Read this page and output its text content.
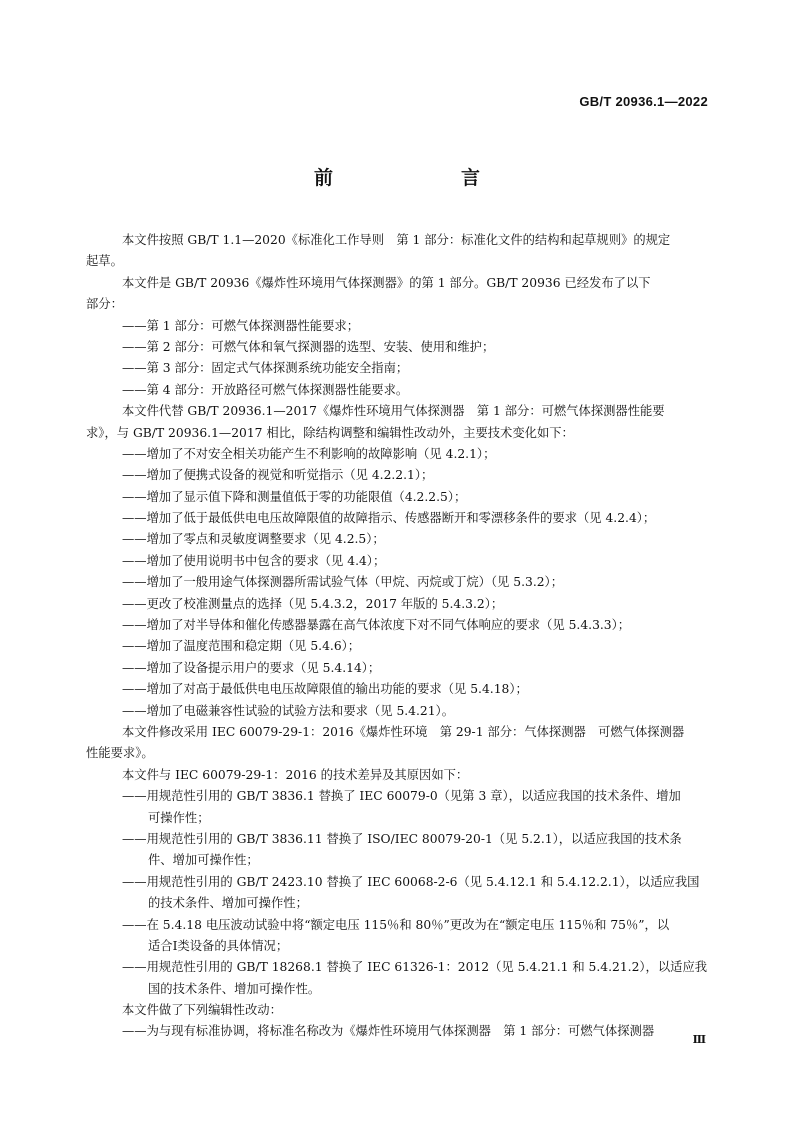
GB/T 20936.1—2022
前　　言
本文件按照 GB/T 1.1—2020《标准化工作导则　第 1 部分：标准化文件的结构和起草规则》的规定
起草。
本文件是 GB/T 20936《爆炸性环境用气体探测器》的第 1 部分。GB/T 20936 已经发布了以下
部分：
——第 1 部分：可燃气体探测器性能要求；
——第 2 部分：可燃气体和氧气探测器的选型、安装、使用和维护；
——第 3 部分：固定式气体探测系统功能安全指南；
——第 4 部分：开放路径可燃气体探测器性能要求。
本文件代替 GB/T 20936.1—2017《爆炸性环境用气体探测器　第 1 部分：可燃气体探测器性能要
求》，与 GB/T 20936.1—2017 相比，除结构调整和编辑性改动外，主要技术变化如下：
——增加了不对安全相关功能产生不利影响的故障影响（见 4.2.1）；
——增加了便携式设备的视觉和听觉指示（见 4.2.2.1）；
——增加了显示值下降和测量值低于零的功能限值（4.2.2.5）；
——增加了低于最低供电电压故障限值的故障指示、传感器断开和零漂移条件的要求（见 4.2.4）；
——增加了零点和灵敏度调整要求（见 4.2.5）；
——增加了使用说明书中包含的要求（见 4.4）；
——增加了一般用途气体探测器所需试验气体（甲烷、丙烷或丁烷）（见 5.3.2）；
——更改了校准测量点的选择（见 5.4.3.2，2017 年版的 5.4.3.2）；
——增加了对半导体和催化传感器暴露在高气体浓度下对不同气体响应的要求（见 5.4.3.3）；
——增加了温度范围和稳定期（见 5.4.6）；
——增加了设备提示用户的要求（见 5.4.14）；
——增加了对高于最低供电电压故障限值的输出功能的要求（见 5.4.18）；
——增加了电磁兼容性试验的试验方法和要求（见 5.4.21）。
本文件修改采用 IEC 60079-29-1：2016《爆炸性环境　第 29-1 部分：气体探测器　可燃气体探测器
性能要求》。
本文件与 IEC 60079-29-1：2016 的技术差异及其原因如下：
——用规范性引用的 GB/T 3836.1 替换了 IEC 60079-0（见第 3 章），以适应我国的技术条件、增加
可操作性；
——用规范性引用的 GB/T 3836.11 替换了 ISO/IEC 80079-20-1（见 5.2.1），以适应我国的技术条
件、增加可操作性；
——用规范性引用的 GB/T 2423.10 替换了 IEC 60068-2-6（见 5.4.12.1 和 5.4.12.2.1），以适应我国
的技术条件、增加可操作性；
——在 5.4.18 电压波动试验中将“额定电压 115％和 80％”更改为在“额定电压 115％和 75％”，以
适合Ⅰ类设备的具体情况；
——用规范性引用的 GB/T 18268.1 替换了 IEC 61326-1：2012（见 5.4.21.1 和 5.4.21.2），以适应我
国的技术条件、增加可操作性。
本文件做了下列编辑性改动：
——为与现有标准协调，将标准名称改为《爆炸性环境用气体探测器　第 1 部分：可燃气体探测器
Ⅲ
